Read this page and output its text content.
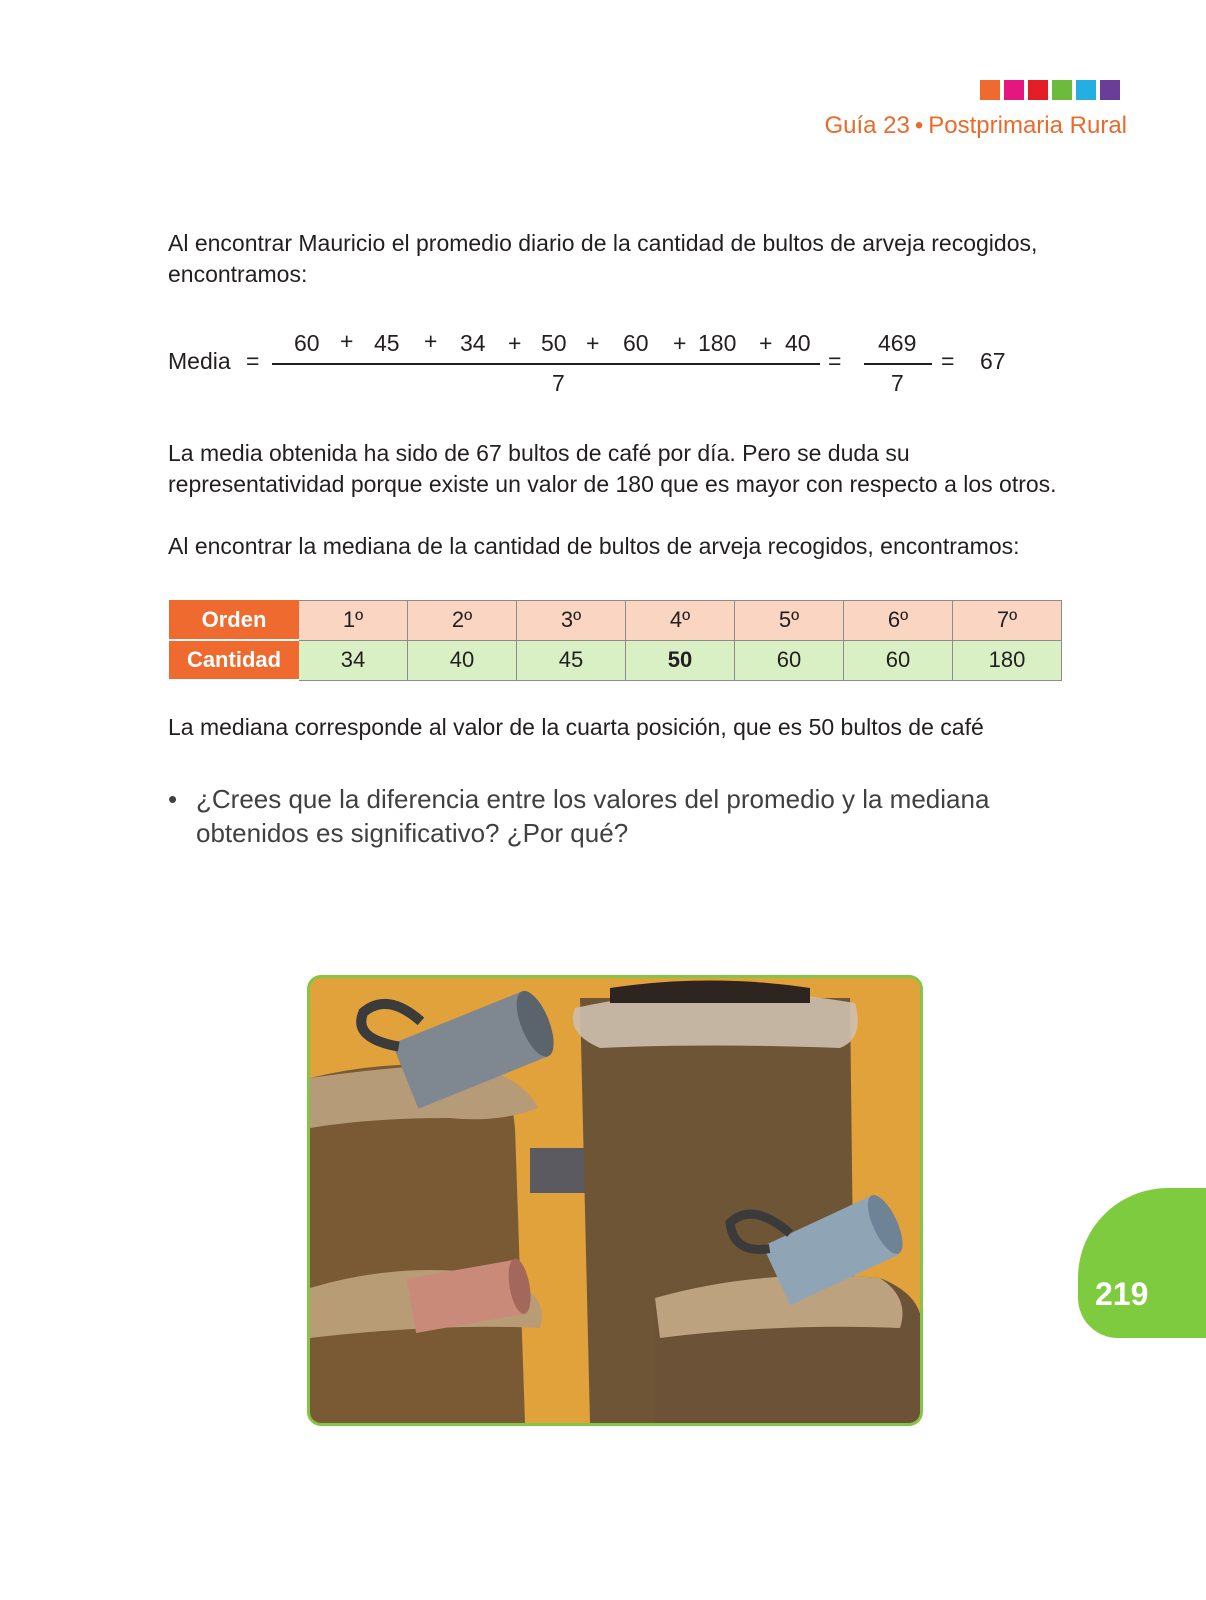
Guía 23 • Postprimaria Rural
Al encontrar Mauricio el promedio diario de la cantidad de bultos de arveja recogidos, encontramos:
Media =
60 + 45 + 34 + 50 + 60 + 180 + 40
7
=
469
7
= 67
La media obtenida ha sido de 67 bultos de café por día. Pero se duda su representatividad porque existe un valor de 180 que es mayor con respecto a los otros.
Al encontrar la mediana de la cantidad de bultos de arveja recogidos, encontramos:
Orden	1º	2º	3º	4º	5º	6º	7º
Cantidad	34	40	45	50	60	60	180
La mediana corresponde al valor de la cuarta posición, que es 50 bultos de café
• ¿Crees que la diferencia entre los valores del promedio y la mediana obtenidos es significativo? ¿Por qué?
219
